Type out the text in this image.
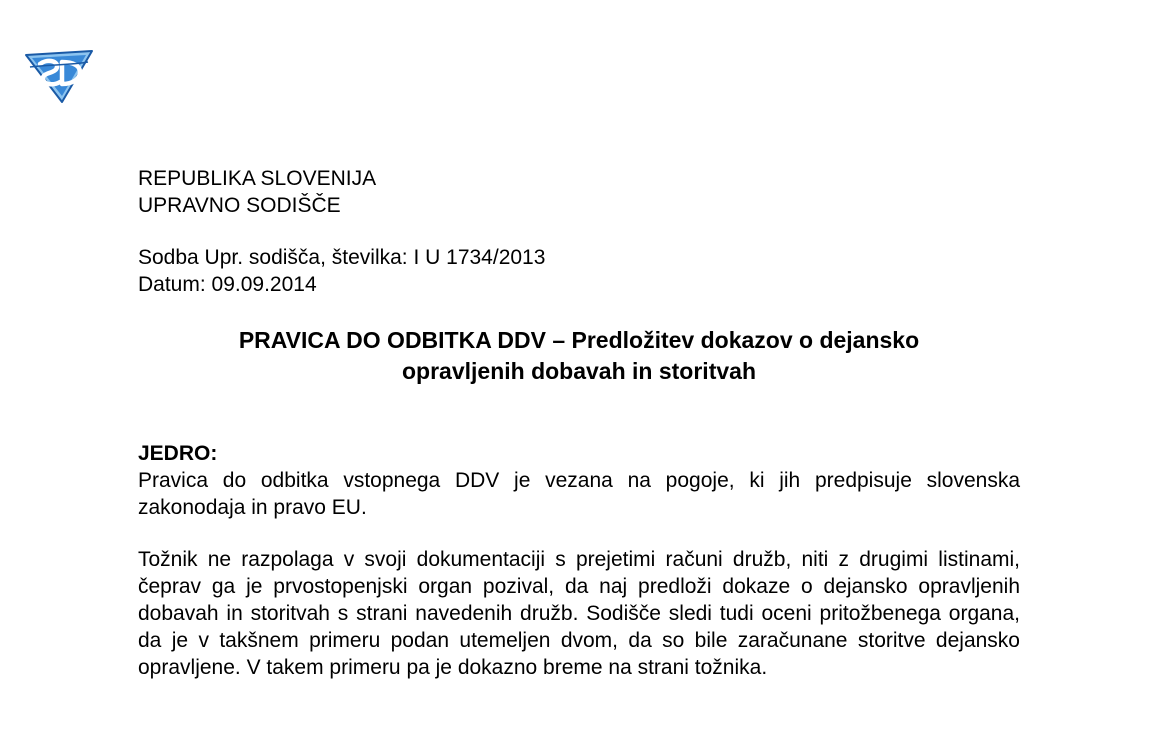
REPUBLIKA SLOVENIJA

UPRAVNO SODIŠČE

Sodba Upr. sodišča, številka: I U 1734/2013

Datum: 09.09.2014

PRAVICA DO ODBITKA DDV – Predložitev dokazov o dejansko
opravljenih dobavah in storitvah

JEDRO:

Pravica do odbitka vstopnega DDV je vezana na pogoje, ki jih predpisuje slovenska zakonodaja in pravo EU.

Tožnik ne razpolaga v svoji dokumentaciji s prejetimi računi družb, niti z drugimi listinami, čeprav ga je prvostopenjski organ pozival, da naj predloži dokaze o dejansko opravljenih dobavah in storitvah s strani navedenih družb. Sodišče sledi tudi oceni pritožbenega organa, da je v takšnem primeru podan utemeljen dvom, da so bile zaračunane storitve dejansko opravljene. V takem primeru pa je dokazno breme na strani tožnika.
